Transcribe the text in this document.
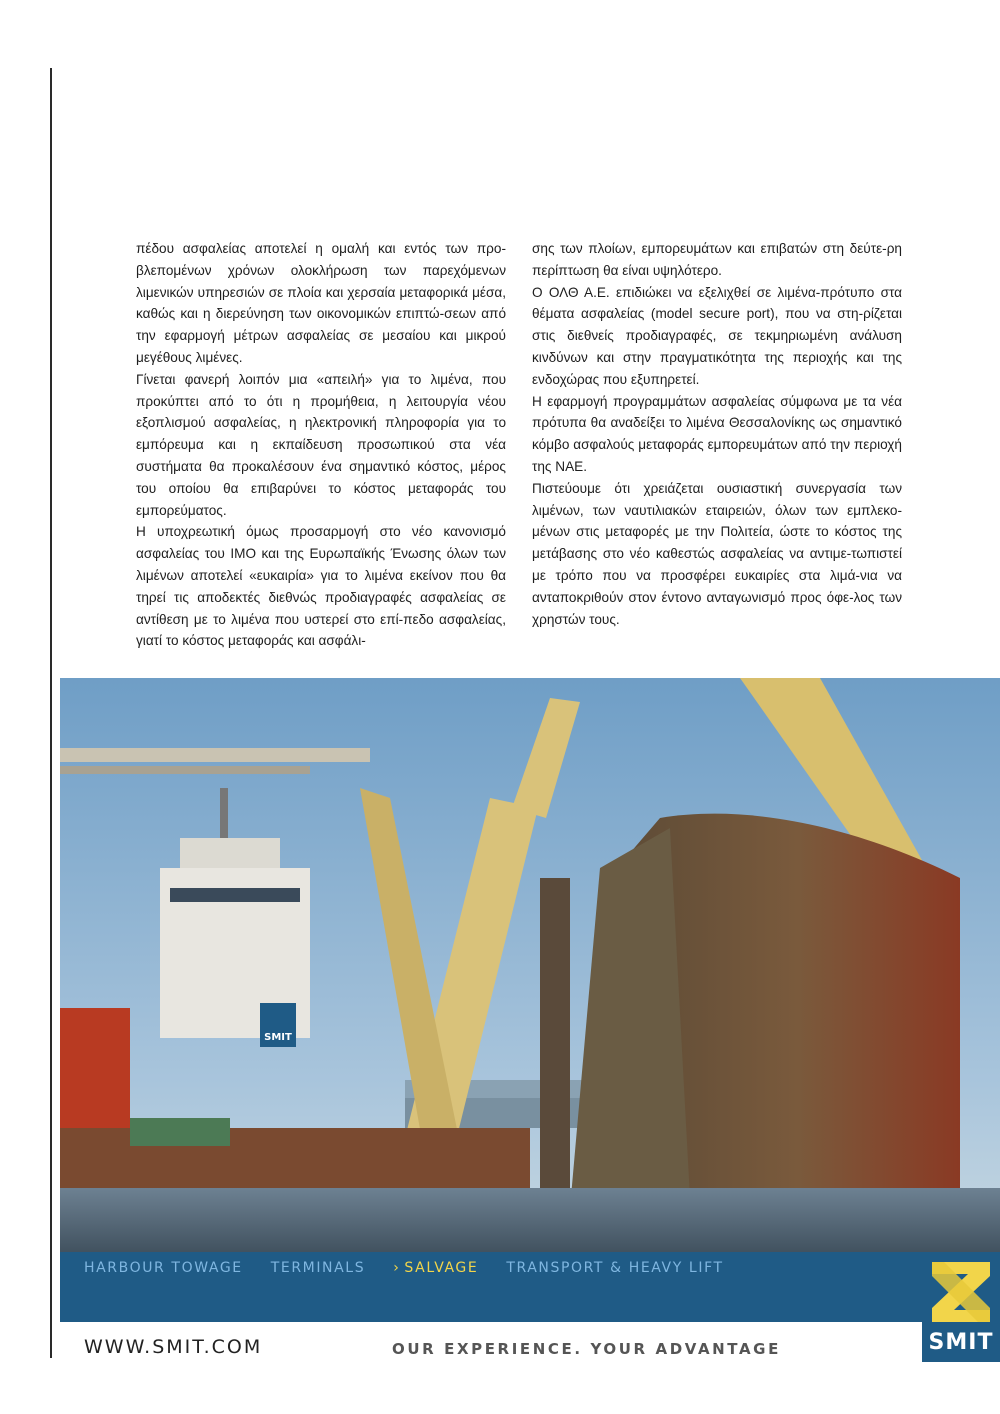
πέδου ασφαλείας αποτελεί η ομαλή και εντός των προ-βλεπομένων χρόνων ολοκλήρωση των παρεχόμενων λιμενικών υπηρεσιών σε πλοία και χερσαία μεταφορικά μέσα, καθώς και η διερεύνηση των οικονομικών επιπτώ-σεων από την εφαρμογή μέτρων ασφαλείας σε μεσαίου και μικρού μεγέθους λιμένες.

Γίνεται φανερή λοιπόν μια «απειλή» για το λιμένα, που προκύπτει από το ότι η προμήθεια, η λειτουργία νέου εξοπλισμού ασφαλείας, η ηλεκτρονική πληροφορία για το εμπόρευμα και η εκπαίδευση προσωπικού στα νέα συστήματα θα προκαλέσουν ένα σημαντικό κόστος, μέρος του οποίου θα επιβαρύνει το κόστος μεταφοράς του εμπορεύματος.

Η υποχρεωτική όμως προσαρμογή στο νέο κανονισμό ασφαλείας του ΙΜΟ και της Ευρωπαϊκής Ένωσης όλων των λιμένων αποτελεί «ευκαιρία» για το λιμένα εκείνον που θα τηρεί τις αποδεκτές διεθνώς προδιαγραφές ασφαλείας σε αντίθεση με το λιμένα που υστερεί στο επί-πεδο ασφαλείας, γιατί το κόστος μεταφοράς και ασφάλι-

σης των πλοίων, εμπορευμάτων και επιβατών στη δεύτε-ρη περίπτωση θα είναι υψηλότερο.

Ο ΟΛΘ Α.Ε. επιδιώκει να εξελιχθεί σε λιμένα-πρότυπο στα θέματα ασφαλείας (model secure port), που να στη-ρίζεται στις διεθνείς προδιαγραφές, σε τεκμηριωμένη ανάλυση κινδύνων και στην πραγματικότητα της περιοχής και της ενδοχώρας που εξυπηρετεί.

Η εφαρμογή προγραμμάτων ασφαλείας σύμφωνα με τα νέα πρότυπα θα αναδείξει το λιμένα Θεσσαλονίκης ως σημαντικό κόμβο ασφαλούς μεταφοράς εμπορευμάτων από την περιοχή της ΝΑΕ.

Πιστεύουμε ότι χρειάζεται ουσιαστική συνεργασία των λιμένων, των ναυτιλιακών εταιρειών, όλων των εμπλεκο-μένων στις μεταφορές με την Πολιτεία, ώστε το κόστος της μετάβασης στο νέο καθεστώς ασφαλείας να αντιμε-τωπιστεί με τρόπο που να προσφέρει ευκαιρίες στα λιμά-νια να ανταποκριθούν στον έντονο ανταγωνισμό προς όφε-λος των χρηστών τους.

SMIT
HARBOUR TOWAGE TERMINALS
›	SALVAGE TRANSPORT & HEAVY LIFT
WWW.SMIT.COM	OUR EXPERIENCE. YOUR ADVANTAGE	SMIT
